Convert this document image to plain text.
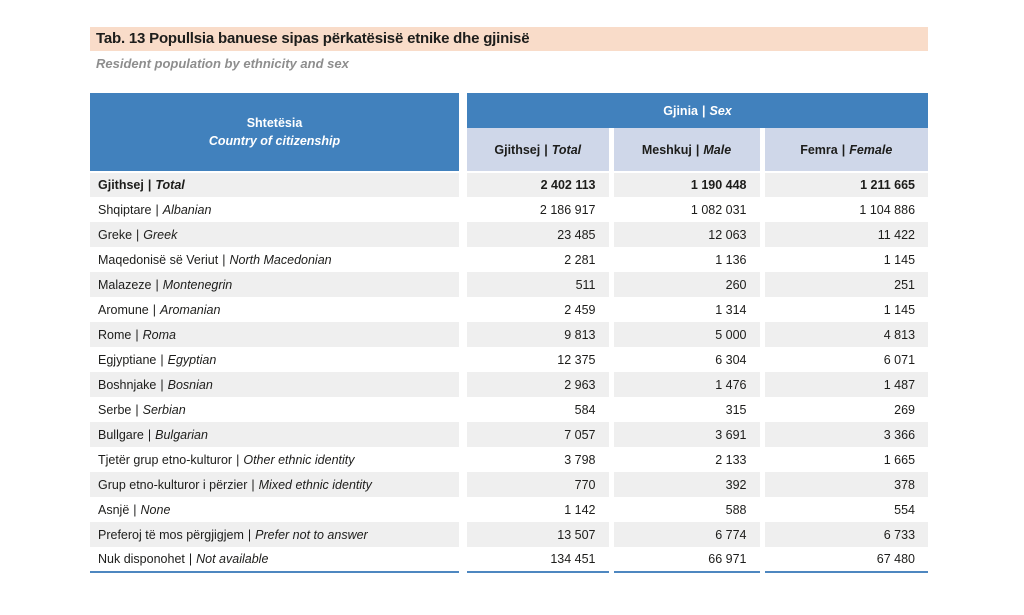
Tab. 13 Popullsia banuese sipas përkatësisë etnike dhe gjinisë
Resident population by ethnicity and sex
Shtetësia
Country of citizenship	Gjinia | Sex		
	Gjithsej | Total	Meshkuj | Male	Femra | Female
Gjithsej | Total	2 402 113	1 190 448	1 211 665
Shqiptare | Albanian	2 186 917	1 082 031	1 104 886
Greke | Greek	23 485	12 063	11 422
Maqedonisë së Veriut | North Macedonian	2 281	1 136	1 145
Malazeze | Montenegrin	511	260	251
Aromune | Aromanian	2 459	1 314	1 145
Rome | Roma	9 813	5 000	4 813
Egjyptiane | Egyptian	12 375	6 304	6 071
Boshnjake | Bosnian	2 963	1 476	1 487
Serbe | Serbian	584	315	269
Bullgare | Bulgarian	7 057	3 691	3 366
Tjetër grup etno-kulturor | Other ethnic identity	3 798	2 133	1 665
Grup etno-kulturor i përzier | Mixed ethnic identity	770	392	378
Asnjë | None	1 142	588	554
Preferoj të mos përgjigjem | Prefer not to answer	13 507	6 774	6 733
Nuk disponohet | Not available	134 451	66 971	67 480
